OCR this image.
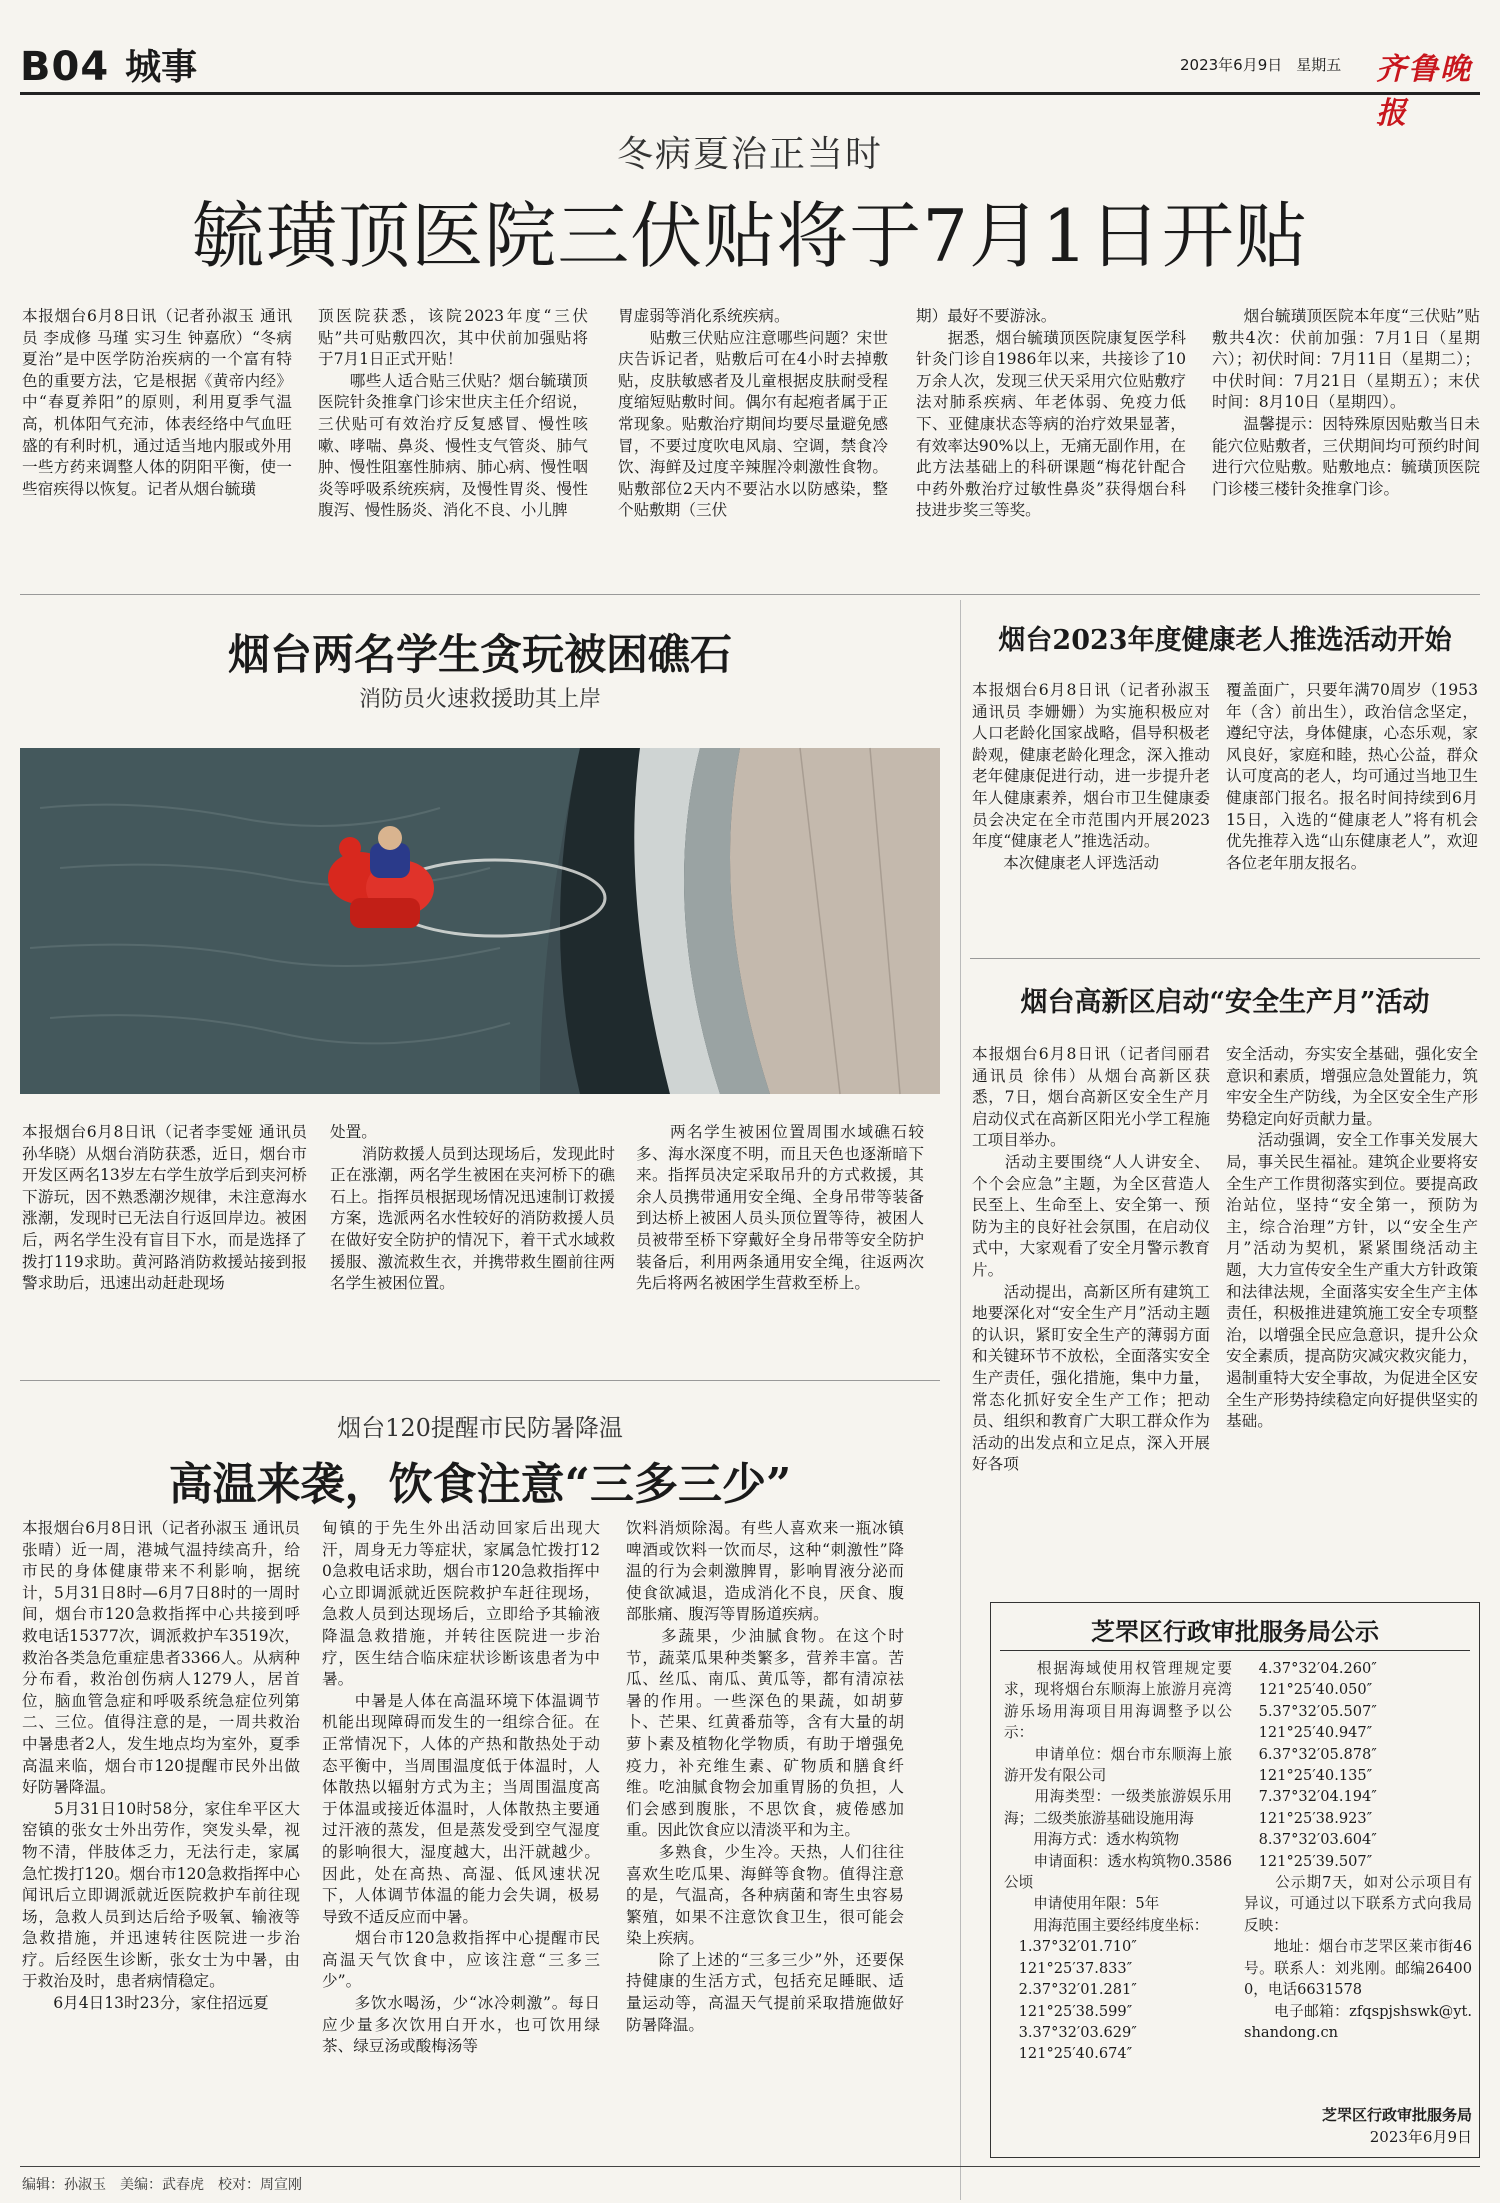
B04 城事	2023年6月9日 星期五 齐鲁晚报
冬病夏治正当时
毓璜顶医院三伏贴将于7月1日开贴
本报烟台6月8日讯（记者孙淑玉 通讯员 李成修 马瑾 实习生 钟嘉欣）“冬病夏治”是中医学防治疾病的一个富有特色的重要方法，它是根据《黄帝内经》中“春夏养阳”的原则，利用夏季气温高，机体阳气充沛，体表经络中气血旺盛的有利时机，通过适当地内服或外用一些方药来调整人体的阴阳平衡，使一些宿疾得以恢复。记者从烟台毓璜
顶医院获悉，该院2023年度“三伏贴”共可贴敷四次，其中伏前加强贴将于7月1日正式开贴！
　　哪些人适合贴三伏贴？烟台毓璜顶医院针灸推拿门诊宋世庆主任介绍说，三伏贴可有效治疗反复感冒、慢性咳嗽、哮喘、鼻炎、慢性支气管炎、肺气肿、慢性阻塞性肺病、肺心病、慢性咽炎等呼吸系统疾病，及慢性胃炎、慢性腹泻、慢性肠炎、消化不良、小儿脾
胃虚弱等消化系统疾病。
　　贴敷三伏贴应注意哪些问题？宋世庆告诉记者，贴敷后可在4小时去掉敷贴，皮肤敏感者及儿童根据皮肤耐受程度缩短贴敷时间。偶尔有起疱者属于正常现象。贴敷治疗期间均要尽量避免感冒，不要过度吹电风扇、空调，禁食冷饮、海鲜及过度辛辣腥冷刺激性食物。贴敷部位2天内不要沾水以防感染，整个贴敷期（三伏
期）最好不要游泳。
　　据悉，烟台毓璜顶医院康复医学科针灸门诊自1986年以来，共接诊了10万余人次，发现三伏天采用穴位贴敷疗法对肺系疾病、年老体弱、免疫力低下、亚健康状态等病的治疗效果显著，有效率达90%以上，无痛无副作用，在此方法基础上的科研课题“梅花针配合中药外敷治疗过敏性鼻炎”获得烟台科技进步奖三等奖。
　　烟台毓璜顶医院本年度“三伏贴”贴敷共4次：伏前加强：7月1日（星期六）；初伏时间：7月11日（星期二）；中伏时间：7月21日（星期五）；末伏时间：8月10日（星期四）。
　　温馨提示：因特殊原因贴敷当日未能穴位贴敷者，三伏期间均可预约时间进行穴位贴敷。贴敷地点：毓璜顶医院门诊楼三楼针灸推拿门诊。
烟台两名学生贪玩被困礁石
消防员火速救援助其上岸
本报烟台6月8日讯（记者李雯娅 通讯员 孙华晓）从烟台消防获悉，近日，烟台市开发区两名13岁左右学生放学后到夹河桥下游玩，因不熟悉潮汐规律，未注意海水涨潮，发现时已无法自行返回岸边。被困后，两名学生没有盲目下水，而是选择了拨打119求助。黄河路消防救援站接到报警求助后，迅速出动赶赴现场
处置。
　　消防救援人员到达现场后，发现此时正在涨潮，两名学生被困在夹河桥下的礁石上。指挥员根据现场情况迅速制订救援方案，选派两名水性较好的消防救援人员在做好安全防护的情况下，着干式水域救援服、激流救生衣，并携带救生圈前往两名学生被困位置。
　　两名学生被困位置周围水域礁石较多、海水深度不明，而且天色也逐渐暗下来。指挥员决定采取吊升的方式救援，其余人员携带通用安全绳、全身吊带等装备到达桥上被困人员头顶位置等待，被困人员被带至桥下穿戴好全身吊带等安全防护装备后，利用两条通用安全绳，往返两次先后将两名被困学生营救至桥上。
烟台2023年度健康老人推选活动开始
本报烟台6月8日讯（记者孙淑玉 通讯员 李姗姗）为实施积极应对人口老龄化国家战略，倡导积极老龄观，健康老龄化理念，深入推动老年健康促进行动，进一步提升老年人健康素养，烟台市卫生健康委员会决定在全市范围内开展2023年度“健康老人”推选活动。
　　本次健康老人评选活动
覆盖面广，只要年满70周岁（1953年（含）前出生），政治信念坚定，遵纪守法，身体健康，心态乐观，家风良好，家庭和睦，热心公益，群众认可度高的老人，均可通过当地卫生健康部门报名。报名时间持续到6月15日，入选的“健康老人”将有机会优先推荐入选“山东健康老人”，欢迎各位老年朋友报名。
烟台高新区启动“安全生产月”活动
本报烟台6月8日讯（记者闫丽君 通讯员 徐伟）从烟台高新区获悉，7日，烟台高新区安全生产月启动仪式在高新区阳光小学工程施工项目举办。
　　活动主要围绕“人人讲安全、个个会应急”主题，为全区营造人民至上、生命至上、安全第一、预防为主的良好社会氛围，在启动仪式中，大家观看了安全月警示教育片。
　　活动提出，高新区所有建筑工地要深化对“安全生产月”活动主题的认识，紧盯安全生产的薄弱方面和关键环节不放松，全面落实安全生产责任，强化措施，集中力量，常态化抓好安全生产工作；把动员、组织和教育广大职工群众作为活动的出发点和立足点，深入开展好各项
安全活动，夯实安全基础，强化安全意识和素质，增强应急处置能力，筑牢安全生产防线，为全区安全生产形势稳定向好贡献力量。
　　活动强调，安全工作事关发展大局，事关民生福祉。建筑企业要将安全生产工作贯彻落实到位。要提高政治站位，坚持“安全第一，预防为主，综合治理”方针，以“安全生产月”活动为契机，紧紧围绕活动主题，大力宣传安全生产重大方针政策和法律法规，全面落实安全生产主体责任，积极推进建筑施工安全专项整治，以增强全民应急意识，提升公众安全素质，提高防灾减灾救灾能力，遏制重特大安全事故，为促进全区安全生产形势持续稳定向好提供坚实的基础。
烟台120提醒市民防暑降温
高温来袭，饮食注意“三多三少”
本报烟台6月8日讯（记者孙淑玉 通讯员 张晴）近一周，港城气温持续高升，给市民的身体健康带来不利影响，据统计，5月31日8时—6月7日8时的一周时间，烟台市120急救指挥中心共接到呼救电话15377次，调派救护车3519次，救治各类急危重症患者3366人。从病种分布看，救治创伤病人1279人，居首位，脑血管急症和呼吸系统急症位列第二、三位。值得注意的是，一周共救治中暑患者2人，发生地点均为室外，夏季高温来临，烟台市120提醒市民外出做好防暑降温。
　　5月31日10时58分，家住牟平区大窑镇的张女士外出劳作，突发头晕，视物不清，伴肢体乏力，无法行走，家属急忙拨打120。烟台市120急救指挥中心闻讯后立即调派就近医院救护车前往现场，急救人员到达后给予吸氧、输液等急救措施，并迅速转往医院进一步治疗。后经医生诊断，张女士为中暑，由于救治及时，患者病情稳定。
　　6月4日13时23分，家住招远夏
甸镇的于先生外出活动回家后出现大汗，周身无力等症状，家属急忙拨打120急救电话求助，烟台市120急救指挥中心立即调派就近医院救护车赶往现场，急救人员到达现场后，立即给予其输液降温急救措施，并转往医院进一步治疗，医生结合临床症状诊断该患者为中暑。
　　中暑是人体在高温环境下体温调节机能出现障碍而发生的一组综合征。在正常情况下，人体的产热和散热处于动态平衡中，当周围温度低于体温时，人体散热以辐射方式为主；当周围温度高于体温或接近体温时，人体散热主要通过汗液的蒸发，但是蒸发受到空气湿度的影响很大，湿度越大，出汗就越少。因此，处在高热、高湿、低风速状况下，人体调节体温的能力会失调，极易导致不适反应而中暑。
　　烟台市120急救指挥中心提醒市民高温天气饮食中，应该注意“三多三少”。
　　多饮水喝汤，少“冰冷刺激”。每日应少量多次饮用白开水，也可饮用绿茶、绿豆汤或酸梅汤等
饮料消烦除渴。有些人喜欢来一瓶冰镇啤酒或饮料一饮而尽，这种“刺激性”降温的行为会刺激脾胃，影响胃液分泌而使食欲减退，造成消化不良，厌食、腹部胀痛、腹泻等胃肠道疾病。
　　多蔬果，少油腻食物。在这个时节，蔬菜瓜果种类繁多，营养丰富。苦瓜、丝瓜、南瓜、黄瓜等，都有清凉祛暑的作用。一些深色的果蔬，如胡萝卜、芒果、红黄番茄等，含有大量的胡萝卜素及植物化学物质，有助于增强免疫力，补充维生素、矿物质和膳食纤维。吃油腻食物会加重胃肠的负担，人们会感到腹胀，不思饮食，疲倦感加重。因此饮食应以清淡平和为主。
　　多熟食，少生冷。天热，人们往往喜欢生吃瓜果、海鲜等食物。值得注意的是，气温高，各种病菌和寄生虫容易繁殖，如果不注意饮食卫生，很可能会染上疾病。
　　除了上述的“三多三少”外，还要保持健康的生活方式，包括充足睡眠、适量运动等，高温天气提前采取措施做好防暑降温。
芝罘区行政审批服务局公示
　　根据海域使用权管理规定要求，现将烟台东顺海上旅游月亮湾游乐场用海项目用海调整予以公示：
　　申请单位：烟台市东顺海上旅游开发有限公司
　　用海类型：一级类旅游娱乐用海；二级类旅游基础设施用海
　　用海方式：透水构筑物
　　申请面积：透水构筑物0.3586公顷
　　申请使用年限：5年
　　用海范围主要经纬度坐标：
　1.37°32′01.710″
　121°25′37.833″
　2.37°32′01.281″
　121°25′38.599″
　3.37°32′03.629″
　121°25′40.674″
　4.37°32′04.260″
　121°25′40.050″
　5.37°32′05.507″
　121°25′40.947″
　6.37°32′05.878″
　121°25′40.135″
　7.37°32′04.194″
　121°25′38.923″
　8.37°32′03.604″
　121°25′39.507″
　　公示期7天，如对公示项目有异议，可通过以下联系方式向我局反映：
　　地址：烟台市芝罘区莱市街46号。联系人：刘兆刚。邮编264000，电话6631578
　　电子邮箱：zfqspjshswk@yt.shandong.cn
芝罘区行政审批服务局
2023年6月9日
编辑：孙淑玉　美编：武春虎　校对：周宣刚
